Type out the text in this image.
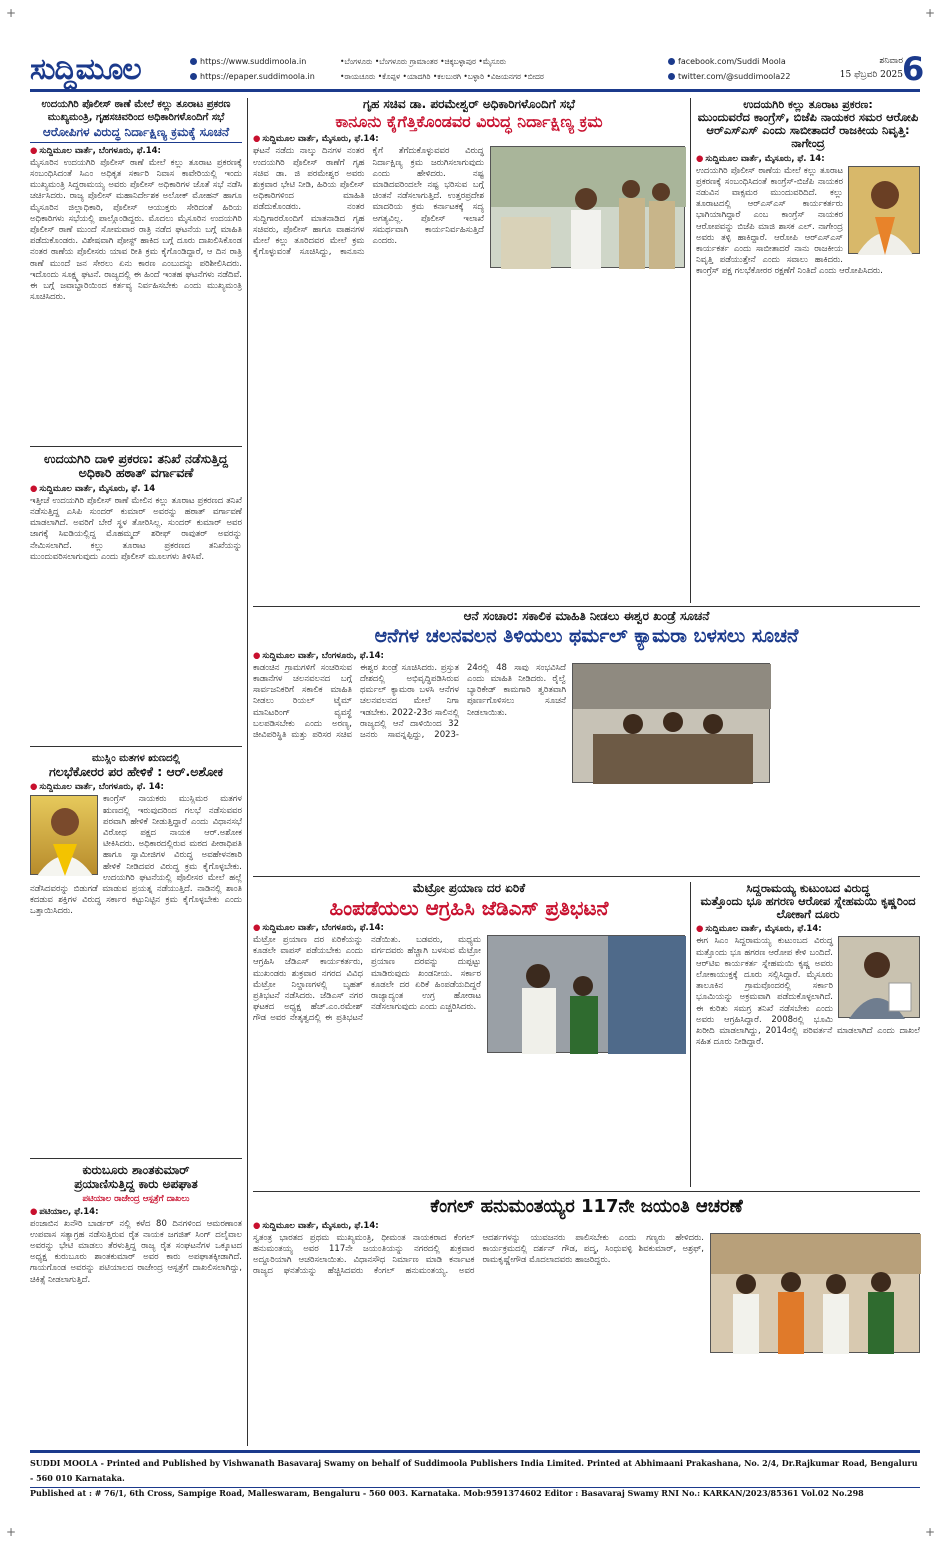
+	+
+	+
ಸುದ್ದಿಮೂಲ	https://www.suddimoola.in
https://epaper.suddimoola.in
•ಬೆಂಗಳೂರು •ಬೆಂಗಳೂರು ಗ್ರಾಮಾಂತರ •ಚಿಕ್ಕಬಳ್ಳಾಪುರ •ಮೈಸೂರು
•ರಾಯಚೂರು •ಕೊಪ್ಪಳ •ಯಾದಗಿರಿ •ಕಲಬುರಗಿ •ಬಳ್ಳಾರಿ •ವಿಜಯನಗರ •ಬೀದರ
facebook.com/Suddi Moola
twitter.com/@suddimoola22
ಶನಿವಾರ
15 ಫೆಬ್ರವರಿ 2025 6
ಉದಯಗಿರಿ ಪೊಲೀಸ್ ಠಾಣೆ ಮೇಲೆ ಕಲ್ಲು ತೂರಾಟ ಪ್ರಕರಣ ಮುಖ್ಯಮಂತ್ರಿ, ಗೃಹಸಚಿವರಿಂದ ಅಧಿಕಾರಿಗಳೊಂದಿಗೆ ಸಭೆ
ಆರೋಪಿಗಳ ವಿರುದ್ಧ ನಿರ್ದಾಕ್ಷಿಣ್ಯ ಕ್ರಮಕ್ಕೆ ಸೂಚನೆ
● ಸುದ್ದಿಮೂಲ ವಾರ್ತೆ, ಬೆಂಗಳೂರು, ಫೆ.14:
ಮೈಸೂರಿನ ಉದಯಗಿರಿ ಪೊಲೀಸ್ ಠಾಣೆ ಮೇಲೆ ಕಲ್ಲು ತೂರಾಟ ಪ್ರಕರಣಕ್ಕೆ ಸಂಬಂಧಿಸಿದಂತೆ ಸಿಎಂ ಅಧಿಕೃತ ಸರ್ಕಾರಿ ನಿವಾಸ ಕಾವೇರಿಯಲ್ಲಿ ಇಂದು ಮುಖ್ಯಮಂತ್ರಿ ಸಿದ್ದರಾಮಯ್ಯ ಅವರು ಪೊಲೀಸ್ ಅಧಿಕಾರಿಗಳ ಜೊತೆ ಸಭೆ ನಡೆಸಿ ಚರ್ಚಿಸಿದರು. ರಾಜ್ಯ ಪೊಲೀಸ್ ಮಹಾನಿರ್ದೇಶಕ ಅಲೋಕ್ ಮೋಹನ್ ಹಾಗೂ ಮೈಸೂರಿನ ಜಿಲ್ಲಾಧಿಕಾರಿ, ಪೊಲೀಸ್ ಆಯುಕ್ತರು ಸೇರಿದಂತೆ ಹಿರಿಯ ಅಧಿಕಾರಿಗಳು ಸಭೆಯಲ್ಲಿ ಪಾಲ್ಗೊಂಡಿದ್ದರು. ಮೊದಲು ಮೈಸೂರಿನ ಉದಯಗಿರಿ ಪೊಲೀಸ್ ಠಾಣೆ ಮುಂದೆ ಸೋಮವಾರ ರಾತ್ರಿ ನಡೆದ ಘಟನೆಯ ಬಗ್ಗೆ ಮಾಹಿತಿ ಪಡೆದುಕೊಂಡರು. ವಿಶೇಷವಾಗಿ ಪೋಸ್ಟ್ ಹಾಕಿದ ಬಗ್ಗೆ ದೂರು ದಾಖಲಿಸಿಕೊಂಡ ನಂತರ ಠಾಣೆಯ ಪೊಲೀಸರು ಯಾವ ರೀತಿ ಕ್ರಮ ಕೈಗೊಂಡಿದ್ದಾರೆ, ಆ ದಿನ ರಾತ್ರಿ ಠಾಣೆ ಮುಂದೆ ಜನ ಸೇರಲು ಏನು ಕಾರಣ ಎಂಬುದನ್ನು ಪರಿಶೀಲಿಸಿದರು. ಇದೊಂದು ಸೂಕ್ಷ್ಮ ಘಟನೆ. ರಾಜ್ಯದಲ್ಲಿ ಈ ಹಿಂದೆ ಇಂತಹ ಘಟನೆಗಳು ನಡೆದಿವೆ. ಈ ಬಗ್ಗೆ ಜವಾಬ್ದಾರಿಯಿಂದ ಕರ್ತವ್ಯ ನಿರ್ವಹಿಸಬೇಕು ಎಂದು ಮುಖ್ಯಮಂತ್ರಿ ಸೂಚಿಸಿದರು.
ಉದಯಗಿರಿ ದಾಳಿ ಪ್ರಕರಣ: ತನಿಖೆ ನಡೆಸುತ್ತಿದ್ದ ಅಧಿಕಾರಿ ಹಠಾತ್ ವರ್ಗಾವಣೆ
● ಸುದ್ದಿಮೂಲ ವಾರ್ತೆ, ಮೈಸೂರು, ಫೆ. 14
ಇತ್ತೀಚೆ ಉದಯಗಿರಿ ಪೊಲೀಸ್ ಠಾಣೆ ಮೇಲಿನ ಕಲ್ಲು ತೂರಾಟ ಪ್ರಕರಣದ ತನಿಖೆ ನಡೆಸುತ್ತಿದ್ದ ಎಸಿಪಿ ಸುಂದರ್ ಕುಮಾರ್ ಅವರನ್ನು ಹಠಾತ್ ವರ್ಗಾವಣೆ ಮಾಡಲಾಗಿದೆ. ಅವರಿಗೆ ಬೇರೆ ಸ್ಥಳ ತೋರಿಸಿಲ್ಲ. ಸುಂದರ್ ಕುಮಾರ್ ಅವರ ಜಾಗಕ್ಕೆ ಸಿಐಡಿಯಲ್ಲಿದ್ದ ಮೊಹಮ್ಮದ್ ಶರೀಫ್ ರಾವುತರ್ ಅವರನ್ನು ನೇಮಿಸಲಾಗಿದೆ. ಕಲ್ಲು ತೂರಾಟ ಪ್ರಕರಣದ ತನಿಖೆಯನ್ನು ಮುಂದುವರಿಸಲಾಗುವುದು ಎಂದು ಪೊಲೀಸ್ ಮೂಲಗಳು ತಿಳಿಸಿವೆ.
ಮುಸ್ಲಿಂ ಮತಗಳ ಋಣದಲ್ಲಿ
ಗಲಭೆಕೋರರ ಪರ ಹೇಳಿಕೆ : ಆರ್.ಅಶೋಕ
● ಸುದ್ದಿಮೂಲ ವಾರ್ತೆ, ಬೆಂಗಳೂರು, ಫೆ. 14:
ಕಾಂಗ್ರೆಸ್ ನಾಯಕರು ಮುಸ್ಲಿಮರ ಮತಗಳ ಋಣದಲ್ಲಿ ಇರುವುದರಿಂದ ಗಲಭೆ ನಡೆಸುವವರ ಪರವಾಗಿ ಹೇಳಿಕೆ ನೀಡುತ್ತಿದ್ದಾರೆ ಎಂದು ವಿಧಾನಸಭೆ ವಿರೋಧ ಪಕ್ಷದ ನಾಯಕ ಆರ್.ಅಶೋಕ ಟೀಕಿಸಿದರು. ಅಧಿಕಾರದಲ್ಲಿರುವ ಮಠದ ಪೀಠಾಧಿಪತಿ ಹಾಗೂ ಸ್ವಾಮೀಜಿಗಳ ವಿರುದ್ಧ ಅವಹೇಳನಕಾರಿ ಹೇಳಿಕೆ ನೀಡಿದವರ ವಿರುದ್ಧ ಕ್ರಮ ಕೈಗೊಳ್ಳಬೇಕು. ಉದಯಗಿರಿ ಘಟನೆಯಲ್ಲಿ ಪೊಲೀಸರ ಮೇಲೆ ಹಲ್ಲೆ ನಡೆಸಿದವರನ್ನು ಬಿಡುಗಡೆ ಮಾಡುವ ಪ್ರಯತ್ನ ನಡೆಯುತ್ತಿದೆ. ನಾಡಿನಲ್ಲಿ ಶಾಂತಿ ಕದಡುವ ಶಕ್ತಿಗಳ ವಿರುದ್ಧ ಸರ್ಕಾರ ಕಟ್ಟುನಿಟ್ಟಿನ ಕ್ರಮ ಕೈಗೊಳ್ಳಬೇಕು ಎಂದು ಒತ್ತಾಯಿಸಿದರು.
ಕುರುಬೂರು ಶಾಂತಕುಮಾರ್
ಪ್ರಯಾಣಿಸುತ್ತಿದ್ದ ಕಾರು ಅಪಘಾತ
ಪಟಿಯಾಲ ರಾಜೇಂದ್ರ ಆಸ್ಪತ್ರೆಗೆ ದಾಖಲು
● ಪಟಿಯಾಲ, ಫೆ.14:
ಪಂಜಾಬಿನ ಖನೌರಿ ಬಾರ್ಡರ್ ನಲ್ಲಿ ಕಳೆದ 80 ದಿನಗಳಿಂದ ಆಮರಣಾಂತ ಉಪವಾಸ ಸತ್ಯಾಗ್ರಹ ನಡೆಸುತ್ತಿರುವ ರೈತ ನಾಯಕ ಜಗಜಿತ್ ಸಿಂಗ್ ದಲೈವಾಲ ಅವರನ್ನು ಭೇಟಿ ಮಾಡಲು ತೆರಳುತ್ತಿದ್ದ ರಾಜ್ಯ ರೈತ ಸಂಘಟನೆಗಳ ಒಕ್ಕೂಟದ ಅಧ್ಯಕ್ಷ ಕುರುಬೂರು ಶಾಂತಕುಮಾರ್ ಅವರ ಕಾರು ಅಪಘಾತಕ್ಕೀಡಾಗಿದೆ. ಗಾಯಗೊಂಡ ಅವರನ್ನು ಪಟಿಯಾಲದ ರಾಜೇಂದ್ರ ಆಸ್ಪತ್ರೆಗೆ ದಾಖಲಿಸಲಾಗಿದ್ದು, ಚಿಕಿತ್ಸೆ ನೀಡಲಾಗುತ್ತಿದೆ.
ಗೃಹ ಸಚಿವ ಡಾ. ಪರಮೇಶ್ವರ್ ಅಧಿಕಾರಿಗಳೊಂದಿಗೆ ಸಭೆ
ಕಾನೂನು ಕೈಗೆತ್ತಿಕೊಂಡವರ ವಿರುದ್ಧ ನಿರ್ದಾಕ್ಷಿಣ್ಯ ಕ್ರಮ
● ಸುದ್ದಿಮೂಲ ವಾರ್ತೆ, ಮೈಸೂರು, ಫೆ.14:
ಘಟನೆ ನಡೆದು ನಾಲ್ಕು ದಿನಗಳ ನಂತರ ಉದಯಗಿರಿ ಪೊಲೀಸ್ ಠಾಣೆಗೆ ಗೃಹ ಸಚಿವ ಡಾ. ಜಿ ಪರಮೇಶ್ವರ ಅವರು ಶುಕ್ರವಾರ ಭೇಟಿ ನೀಡಿ, ಹಿರಿಯ ಪೊಲೀಸ್ ಅಧಿಕಾರಿಗಳಿಂದ ಮಾಹಿತಿ ಪಡೆದುಕೊಂಡರು. ನಂತರ ಸುದ್ದಿಗಾರರೊಂದಿಗೆ ಮಾತನಾಡಿದ ಗೃಹ ಸಚಿವರು, ಪೊಲೀಸ್ ಹಾಗೂ ವಾಹನಗಳ ಮೇಲೆ ಕಲ್ಲು ತೂರಿದವರ ಮೇಲೆ ಕ್ರಮ ಕೈಗೊಳ್ಳುವಂತೆ ಸೂಚಿಸಿದ್ದು, ಕಾನೂನು ಕೈಗೆ ತೆಗೆದುಕೊಳ್ಳುವವರ ವಿರುದ್ಧ ನಿರ್ದಾಕ್ಷಿಣ್ಯ ಕ್ರಮ ಜರುಗಿಸಲಾಗುವುದು ಎಂದು ಹೇಳಿದರು. ನಷ್ಟ ಮಾಡಿದವರಿಂದಲೇ ನಷ್ಟ ಭರಿಸುವ ಬಗ್ಗೆ ಚಿಂತನೆ ನಡೆಸಲಾಗುತ್ತಿದೆ. ಉತ್ತರಪ್ರದೇಶ ಮಾದರಿಯ ಕ್ರಮ ಕರ್ನಾಟಕಕ್ಕೆ ಸದ್ಯ ಅಗತ್ಯವಿಲ್ಲ. ಪೊಲೀಸ್ ಇಲಾಖೆ ಸಮರ್ಥವಾಗಿ ಕಾರ್ಯನಿರ್ವಹಿಸುತ್ತಿದೆ ಎಂದರು.
ಉದಯಗಿರಿ ಕಲ್ಲು ತೂರಾಟ ಪ್ರಕರಣ:
ಮುಂದುವರೆದ ಕಾಂಗ್ರೆಸ್, ಬಿಜೆಪಿ ನಾಯಕರ ಸಮರ ಆರೋಪಿ ಆರ್‌ಎಸ್‌ಎಸ್ ಎಂದು ಸಾಬೀತಾದರೆ ರಾಜಕೀಯ ನಿವೃತ್ತಿ: ನಾಗೇಂದ್ರ
● ಸುದ್ದಿಮೂಲ ವಾರ್ತೆ, ಮೈಸೂರು, ಫೆ. 14:
ಉದಯಗಿರಿ ಪೊಲೀಸ್ ಠಾಣೆಯ ಮೇಲೆ ಕಲ್ಲು ತೂರಾಟ ಪ್ರಕರಣಕ್ಕೆ ಸಂಬಂಧಿಸಿದಂತೆ ಕಾಂಗ್ರೆಸ್-ಬಿಜೆಪಿ ನಾಯಕರ ನಡುವಿನ ವಾಕ್ಸಮರ ಮುಂದುವರಿದಿದೆ. ಕಲ್ಲು ತೂರಾಟದಲ್ಲಿ ಆರ್‌ಎಸ್‌ಎಸ್ ಕಾರ್ಯಕರ್ತರು ಭಾಗಿಯಾಗಿದ್ದಾರೆ ಎಂಬ ಕಾಂಗ್ರೆಸ್ ನಾಯಕರ ಆರೋಪವನ್ನು ಬಿಜೆಪಿ ಮಾಜಿ ಶಾಸಕ ಎಲ್. ನಾಗೇಂದ್ರ ಅವರು ತಳ್ಳಿ ಹಾಕಿದ್ದಾರೆ. ಆರೋಪಿ ಆರ್‌ಎಸ್‌ಎಸ್ ಕಾರ್ಯಕರ್ತ ಎಂದು ಸಾಬೀತಾದರೆ ನಾನು ರಾಜಕೀಯ ನಿವೃತ್ತಿ ಪಡೆಯುತ್ತೇನೆ ಎಂದು ಸವಾಲು ಹಾಕಿದರು. ಕಾಂಗ್ರೆಸ್ ಪಕ್ಷ ಗಲಭೆಕೋರರ ರಕ್ಷಣೆಗೆ ನಿಂತಿದೆ ಎಂದು ಆರೋಪಿಸಿದರು.
ಆನೆ ಸಂಚಾರ: ಸಕಾಲಿಕ ಮಾಹಿತಿ ನೀಡಲು ಈಶ್ವರ ಖಂಡ್ರೆ ಸೂಚನೆ
ಆನೆಗಳ ಚಲನವಲನ ತಿಳಿಯಲು ಥರ್ಮಲ್ ಕ್ಯಾಮರಾ ಬಳಸಲು ಸೂಚನೆ
● ಸುದ್ದಿಮೂಲ ವಾರ್ತೆ, ಬೆಂಗಳೂರು, ಫೆ.14:
ಕಾಡಂಚಿನ ಗ್ರಾಮಗಳಿಗೆ ಸಂಚರಿಸುವ ಕಾಡಾನೆಗಳ ಚಲನವಲನದ ಬಗ್ಗೆ ಸಾರ್ವಜನಿಕರಿಗೆ ಸಕಾಲಿಕ ಮಾಹಿತಿ ನೀಡಲು ರಿಯಲ್ ಟೈಮ್ ಮಾನಿಟರಿಂಗ್ ವ್ಯವಸ್ಥೆ ಬಲಪಡಿಸಬೇಕು ಎಂದು ಅರಣ್ಯ, ಜೀವಿಪರಿಸ್ಥಿತಿ ಮತ್ತು ಪರಿಸರ ಸಚಿವ ಈಶ್ವರ ಖಂಡ್ರೆ ಸೂಚಿಸಿದರು. ಪ್ರಸ್ತುತ ದೇಶದಲ್ಲಿ ಅಭಿವೃದ್ಧಿಪಡಿಸಿರುವ ಥರ್ಮಲ್ ಕ್ಯಾಮರಾ ಬಳಸಿ ಆನೆಗಳ ಚಲನವಲನದ ಮೇಲೆ ನಿಗಾ ಇಡಬೇಕು. 2022-23ರ ಸಾಲಿನಲ್ಲಿ ರಾಜ್ಯದಲ್ಲಿ ಆನೆ ದಾಳಿಯಿಂದ 32 ಜನರು ಸಾವನ್ನಪ್ಪಿದ್ದು, 2023-24ರಲ್ಲಿ 48 ಸಾವು ಸಂಭವಿಸಿದೆ ಎಂದು ಮಾಹಿತಿ ನೀಡಿದರು. ರೈಲ್ವೆ ಬ್ಯಾರಿಕೇಡ್ ಕಾಮಗಾರಿ ತ್ವರಿತವಾಗಿ ಪೂರ್ಣಗೊಳಿಸಲು ಸೂಚನೆ ನೀಡಲಾಯಿತು.
ಮೆಟ್ರೋ ಪ್ರಯಾಣ ದರ ಏರಿಕೆ
ಹಿಂಪಡೆಯಲು ಆಗ್ರಹಿಸಿ ಜೆಡಿಎಸ್ ಪ್ರತಿಭಟನೆ
● ಸುದ್ದಿಮೂಲ ವಾರ್ತೆ, ಬೆಂಗಳೂರು, ಫೆ.14:
ಮೆಟ್ರೋ ಪ್ರಯಾಣ ದರ ಏರಿಕೆಯನ್ನು ಕೂಡಲೇ ವಾಪಸ್ ಪಡೆಯಬೇಕು ಎಂದು ಆಗ್ರಹಿಸಿ ಜೆಡಿಎಸ್ ಕಾರ್ಯಕರ್ತರು, ಮುಖಂಡರು ಶುಕ್ರವಾರ ನಗರದ ವಿವಿಧ ಮೆಟ್ರೋ ನಿಲ್ದಾಣಗಳಲ್ಲಿ ಬೃಹತ್ ಪ್ರತಿಭಟನೆ ನಡೆಸಿದರು. ಜೆಡಿಎಸ್ ನಗರ ಘಟಕದ ಅಧ್ಯಕ್ಷ ಹೆಚ್.ಎಂ.ರಮೇಶ್ ಗೌಡ ಅವರ ನೇತೃತ್ವದಲ್ಲಿ ಈ ಪ್ರತಿಭಟನೆ ನಡೆಯಿತು. ಬಡವರು, ಮಧ್ಯಮ ವರ್ಗದವರು ಹೆಚ್ಚಾಗಿ ಬಳಸುವ ಮೆಟ್ರೋ ಪ್ರಯಾಣ ದರವನ್ನು ದುಪ್ಪಟ್ಟು ಮಾಡಿರುವುದು ಖಂಡನೀಯ. ಸರ್ಕಾರ ಕೂಡಲೇ ದರ ಏರಿಕೆ ಹಿಂಪಡೆಯದಿದ್ದರೆ ರಾಜ್ಯಾದ್ಯಂತ ಉಗ್ರ ಹೋರಾಟ ನಡೆಸಲಾಗುವುದು ಎಂದು ಎಚ್ಚರಿಸಿದರು.
ಸಿದ್ದರಾಮಯ್ಯ ಕುಟುಂಬದ ವಿರುದ್ಧ
ಮತ್ತೊಂದು ಭೂ ಹಗರಣ ಆರೋಪ ಸ್ನೇಹಮಯಿ ಕೃಷ್ಣರಿಂದ ಲೋಕಾಗೆ ದೂರು
● ಸುದ್ದಿಮೂಲ ವಾರ್ತೆ, ಮೈಸೂರು, ಫೆ.14:
ಈಗ ಸಿಎಂ ಸಿದ್ದರಾಮಯ್ಯ ಕುಟುಂಬದ ವಿರುದ್ಧ ಮತ್ತೊಂದು ಭೂ ಹಗರಣ ಆರೋಪ ಕೇಳಿ ಬಂದಿದೆ. ಆರ್‌ಟಿಐ ಕಾರ್ಯಕರ್ತ ಸ್ನೇಹಮಯಿ ಕೃಷ್ಣ ಅವರು ಲೋಕಾಯುಕ್ತಕ್ಕೆ ದೂರು ಸಲ್ಲಿಸಿದ್ದಾರೆ. ಮೈಸೂರು ತಾಲೂಕಿನ ಗ್ರಾಮವೊಂದರಲ್ಲಿ ಸರ್ಕಾರಿ ಭೂಮಿಯನ್ನು ಅಕ್ರಮವಾಗಿ ಪಡೆದುಕೊಳ್ಳಲಾಗಿದೆ. ಈ ಕುರಿತು ಸಮಗ್ರ ತನಿಖೆ ನಡೆಸಬೇಕು ಎಂದು ಅವರು ಆಗ್ರಹಿಸಿದ್ದಾರೆ. 2008ರಲ್ಲಿ ಭೂಮಿ ಖರೀದಿ ಮಾಡಲಾಗಿದ್ದು, 2014ರಲ್ಲಿ ಪರಿವರ್ತನೆ ಮಾಡಲಾಗಿದೆ ಎಂದು ದಾಖಲೆ ಸಹಿತ ದೂರು ನೀಡಿದ್ದಾರೆ.
ಕೆಂಗಲ್ ಹನುಮಂತಯ್ಯರ 117ನೇ ಜಯಂತಿ ಆಚರಣೆ
● ಸುದ್ದಿಮೂಲ ವಾರ್ತೆ, ಮೈಸೂರು, ಫೆ.14:
ಸ್ವತಂತ್ರ ಭಾರತದ ಪ್ರಥಮ ಮುಖ್ಯಮಂತ್ರಿ, ಧೀಮಂತ ನಾಯಕರಾದ ಕೆಂಗಲ್ ಹನುಮಂತಯ್ಯ ಅವರ 117ನೇ ಜಯಂತಿಯನ್ನು ನಗರದಲ್ಲಿ ಶುಕ್ರವಾರ ಅದ್ದೂರಿಯಾಗಿ ಆಚರಿಸಲಾಯಿತು. ವಿಧಾನಸೌಧ ನಿರ್ಮಾಣ ಮಾಡಿ ಕರ್ನಾಟಕ ರಾಜ್ಯದ ಘನತೆಯನ್ನು ಹೆಚ್ಚಿಸಿದವರು ಕೆಂಗಲ್ ಹನುಮಂತಯ್ಯ. ಅವರ ಆದರ್ಶಗಳನ್ನು ಯುವಜನರು ಪಾಲಿಸಬೇಕು ಎಂದು ಗಣ್ಯರು ಹೇಳಿದರು. ಕಾರ್ಯಕ್ರಮದಲ್ಲಿ ದರ್ಶನ್ ಗೌಡ, ಪದ್ಮ, ಸಿಂಧುವಳ್ಳಿ ಶಿವಕುಮಾರ್, ಅಶ್ರಫ್, ರಾಮಕೃಷ್ಣೇಗೌಡ ಮೊದಲಾದವರು ಹಾಜರಿದ್ದರು.
SUDDI MOOLA - Printed and Published by Vishwanath Basavaraj Swamy on behalf of Suddimoola Publishers India Limited. Printed at Abhimaani Prakashana, No. 2/4, Dr.Rajkumar Road, Bengaluru - 560 010 Karnataka.
Published at : # 76/1, 6th Cross, Sampige Road, Malleswaram, Bengaluru - 560 003. Karnataka. Mob:9591374602 Editor : Basavaraj Swamy RNI No.: KARKAN/2023/85361 Vol.02 No.298
